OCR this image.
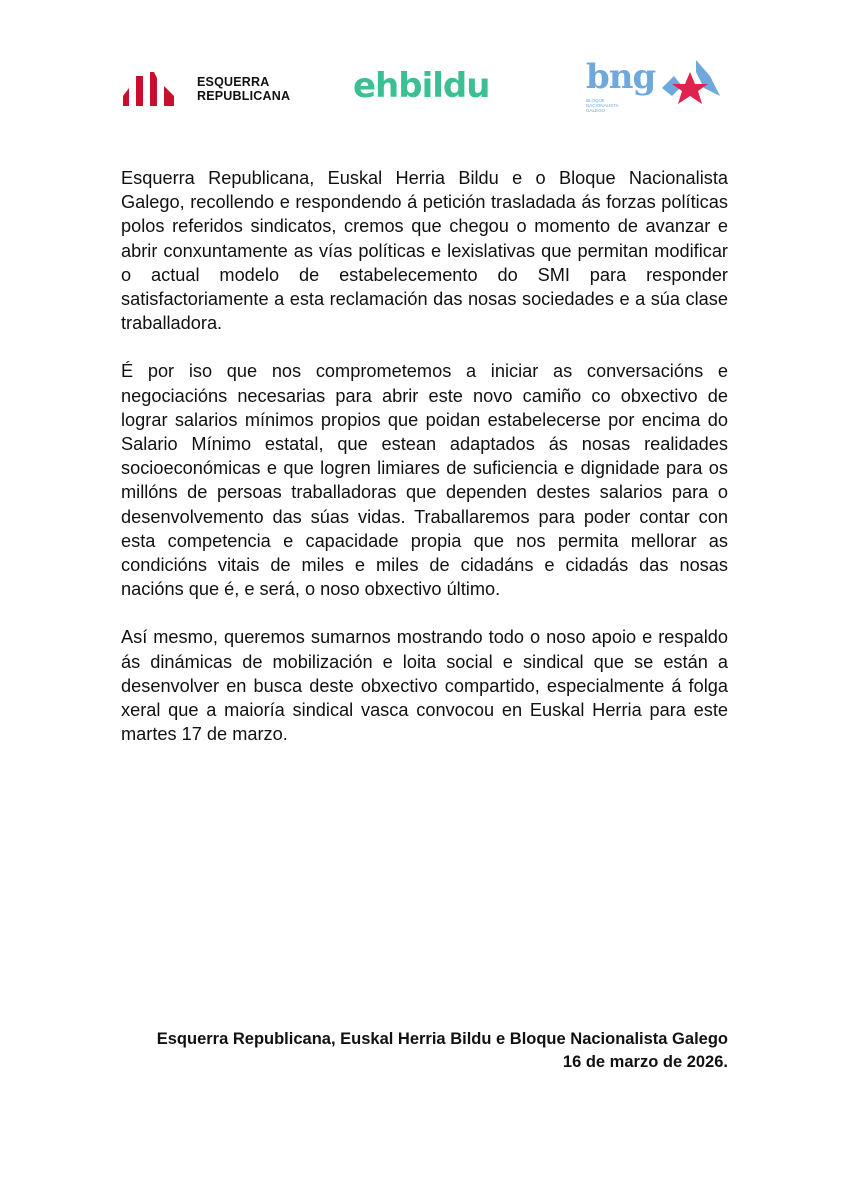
ESQUERRA
REPUBLICANA ehbildu	bng
BLOQUE
NACIONALISTA
GALEGO

Esquerra Republicana, Euskal Herria Bildu e o Bloque Nacionalista Galego, recollendo e respondendo á petición trasladada ás forzas políticas polos referidos sindicatos, cremos que chegou o momento de avanzar e abrir conxuntamente as vías políticas e lexislativas que permitan modificar o actual modelo de estabelecemento do SMI para responder satisfactoriamente a esta reclamación das nosas sociedades e a súa clase traballadora.

É por iso que nos comprometemos a iniciar as conversacións e negociacións necesarias para abrir este novo camiño co obxectivo de lograr salarios mínimos propios que poidan estabelecerse por encima do Salario Mínimo estatal, que estean adaptados ás nosas realidades socioeconómicas e que logren limiares de suficiencia e dignidade para os millóns de persoas traballadoras que dependen destes salarios para o desenvolvemento das súas vidas. Traballaremos para poder contar con esta competencia e capacidade propia que nos permita mellorar as condicións vitais de miles e miles de cidadáns e cidadás das nosas nacións que é, e será, o noso obxectivo último.

Así mesmo, queremos sumarnos mostrando todo o noso apoio e respaldo ás dinámicas de mobilización e loita social e sindical que se están a desenvolver en busca deste obxectivo compartido, especialmente á folga xeral que a maioría sindical vasca convocou en Euskal Herria para este martes 17 de marzo.

Esquerra Republicana, Euskal Herria Bildu e Bloque Nacionalista Galego
16 de marzo de 2026.
